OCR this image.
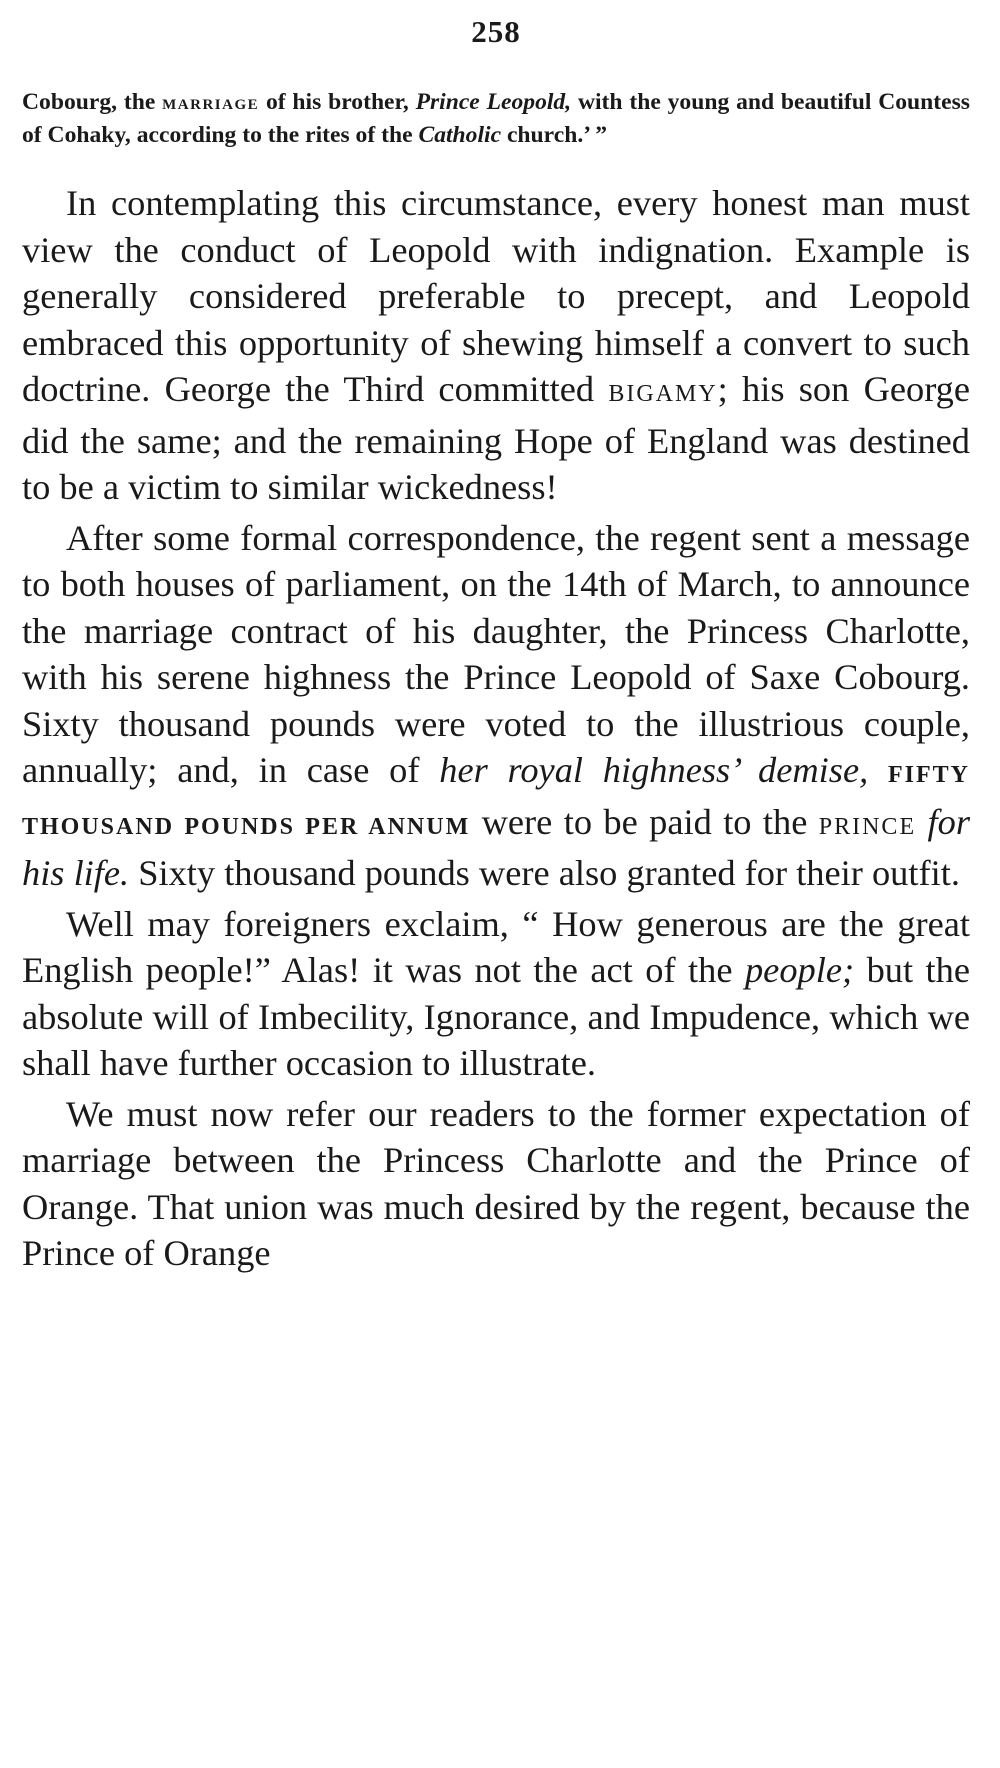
258
Cobourg, the MARRIAGE of his brother, Prince Leopold, with the young and beautiful Countess of Cohaky, according to the rites of the Catholic church.’ ”

In contemplating this circumstance, every honest man must view the conduct of Leopold with indignation. Example is generally considered preferable to precept, and Leopold embraced this opportunity of shewing himself a convert to such doctrine. George the Third committed BIGAMY; his son George did the same; and the remaining Hope of England was destined to be a victim to similar wickedness!

After some formal correspondence, the regent sent a message to both houses of parliament, on the 14th of March, to announce the marriage contract of his daughter, the Princess Charlotte, with his serene highness the Prince Leopold of Saxe Cobourg. Sixty thousand pounds were voted to the illustrious couple, annually; and, in case of her royal highness’ demise, FIFTY THOUSAND POUNDS PER ANNUM were to be paid to the PRINCE for his life. Sixty thousand pounds were also granted for their outfit.

Well may foreigners exclaim, “ How generous are the great English people!” Alas! it was not the act of the people; but the absolute will of Imbecility, Ignorance, and Impudence, which we shall have further occasion to illustrate.

We must now refer our readers to the former expectation of marriage between the Princess Charlotte and the Prince of Orange. That union was much desired by the regent, because the Prince of Orange
